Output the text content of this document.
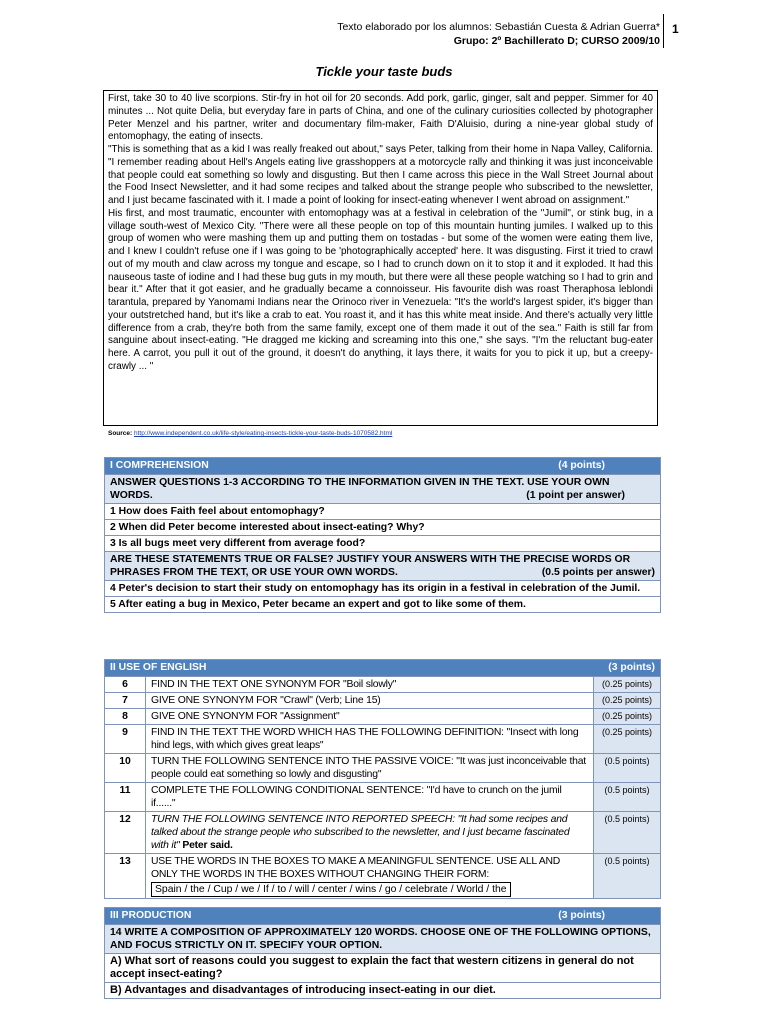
Texto elaborado por los alumnos: Sebastián Cuesta & Adrian Guerra*
Grupo: 2º Bachillerato D; CURSO 2009/10
1
Tickle your taste buds

First, take 30 to 40 live scorpions. Stir-fry in hot oil for 20 seconds. Add pork, garlic, ginger, salt and pepper. Simmer for 40 minutes ... Not quite Delia, but everyday fare in parts of China, and one of the culinary curiosities collected by photographer Peter Menzel and his partner, writer and documentary film-maker, Faith D'Aluisio, during a nine-year global study of entomophagy, the eating of insects.

"This is something that as a kid I was really freaked out about," says Peter, talking from their home in Napa Valley, California. "I remember reading about Hell's Angels eating live grasshoppers at a motorcycle rally and thinking it was just inconceivable that people could eat something so lowly and disgusting. But then I came across this piece in the Wall Street Journal about the Food Insect Newsletter, and it had some recipes and talked about the strange people who subscribed to the newsletter, and I just became fascinated with it. I made a point of looking for insect-eating whenever I went abroad on assignment."

His first, and most traumatic, encounter with entomophagy was at a festival in celebration of the "Jumil", or stink bug, in a village south-west of Mexico City. "There were all these people on top of this mountain hunting jumiles. I walked up to this group of women who were mashing them up and putting them on tostadas - but some of the women were eating them live, and I knew I couldn't refuse one if I was going to be 'photographically accepted' here. It was disgusting. First it tried to crawl out of my mouth and claw across my tongue and escape, so I had to crunch down on it to stop it and it exploded. It had this nauseous taste of iodine and I had these bug guts in my mouth, but there were all these people watching so I had to grin and bear it." After that it got easier, and he gradually became a connoisseur. His favourite dish was roast Theraphosa leblondi tarantula, prepared by Yanomami Indians near the Orinoco river in Venezuela: "It's the world's largest spider, it's bigger than your outstretched hand, but it's like a crab to eat. You roast it, and it has this white meat inside. And there's actually very little difference from a crab, they're both from the same family, except one of them made it out of the sea." Faith is still far from sanguine about insect-eating. "He dragged me kicking and screaming into this one," she says. "I'm the reluctant bug-eater here. A carrot, you pull it out of the ground, it doesn't do anything, it lays there, it waits for you to pick it up, but a creepy-crawly ... "

Source: http://www.independent.co.uk/life-style/eating-insects-tickle-your-taste-buds-1070582.html
I COMPREHENSION	(4 points)

ANSWER QUESTIONS 1-3 ACCORDING TO THE INFORMATION GIVEN IN THE TEXT. USE YOUR OWN WORDS.	(1 point per answer)

1 How does Faith feel about entomophagy?
2 When did Peter become interested about insect-eating? Why?
3 Is all bugs meet very different from average food?
ARE THESE STATEMENTS TRUE OR FALSE? JUSTIFY YOUR ANSWERS WITH THE PRECISE WORDS OR PHRASES FROM THE TEXT, OR USE YOUR OWN WORDS.	(0.5 points per answer)

4 Peter's decision to start their study on entomophagy has its origin in a festival in celebration of the Jumil.
5 After eating a bug in Mexico, Peter became an expert and got to like some of them.
II USE OF ENGLISH (3 points)		

6	FIND IN THE TEXT ONE SYNONYM FOR "Boil slowly"	(0.25 points)
7	GIVE ONE SYNONYM FOR "Crawl" (Verb; Line 15)	(0.25 points)
8	GIVE ONE SYNONYM FOR "Assignment"	(0.25 points)
9	FIND IN THE TEXT THE WORD WHICH HAS THE FOLLOWING DEFINITION: "Insect with long hind legs, with which gives great leaps"	(0.25 points)
10	TURN THE FOLLOWING SENTENCE INTO THE PASSIVE VOICE: "It was just inconceivable that people could eat something so lowly and disgusting"	(0.5 points)
11	COMPLETE THE FOLLOWING CONDITIONAL SENTENCE: "I'd have to crunch on the jumil if......"	(0.5 points)
12	TURN THE FOLLOWING SENTENCE INTO REPORTED SPEECH: "It had some recipes and talked about the strange people who subscribed to the newsletter, and I just became fascinated with it" Peter said.	(0.5 points)
13	USE THE WORDS IN THE BOXES TO MAKE A MEANINGFUL SENTENCE. USE ALL AND ONLY THE WORDS IN THE BOXES WITHOUT CHANGING THEIR FORM:
Spain / the / Cup / we / If / to / will / center / wins / go / celebrate / World / the	(0.5 points)
III PRODUCTION	(3 points)

14 WRITE A COMPOSITION OF APPROXIMATELY 120 WORDS. CHOOSE ONE OF THE FOLLOWING OPTIONS, AND FOCUS STRICTLY ON IT. SPECIFY YOUR OPTION.
A) What sort of reasons could you suggest to explain the fact that western citizens in general do not accept insect-eating?
B) Advantages and disadvantages of introducing insect-eating in our diet.
